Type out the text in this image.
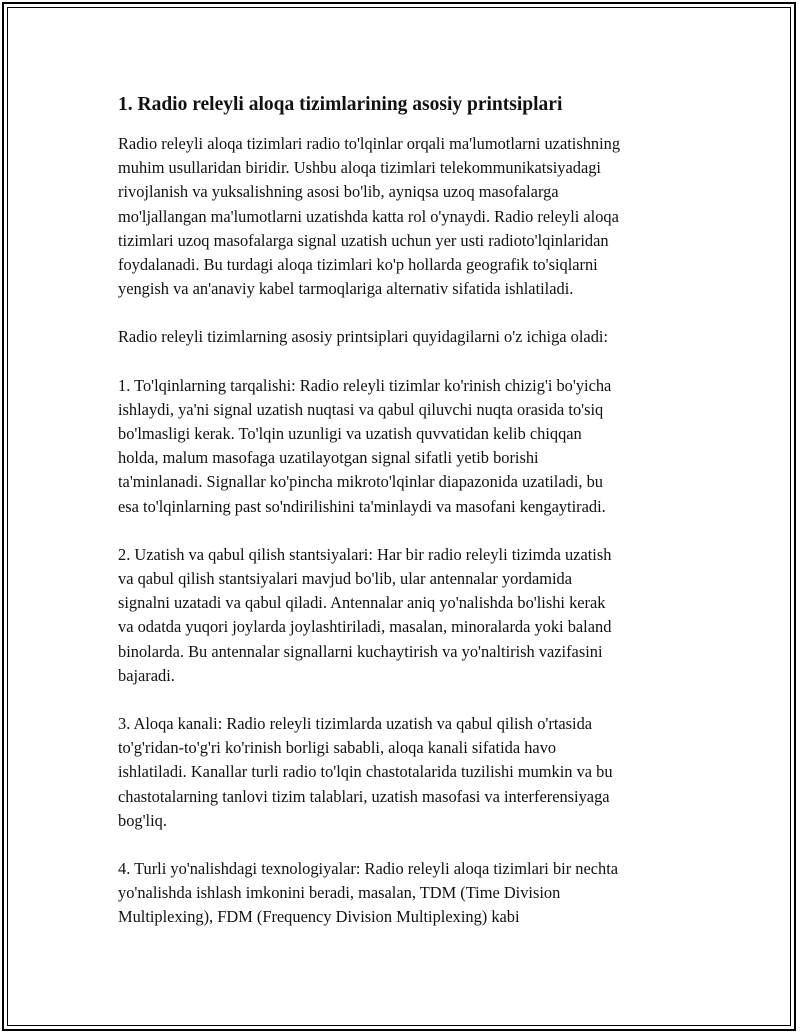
1. Radio releyli aloqa tizimlarining asosiy printsiplari

Radio releyli aloqa tizimlari radio to'lqinlar orqali ma'lumotlarni uzatishning
muhim usullaridan biridir. Ushbu aloqa tizimlari telekommunikatsiyadagi
rivojlanish va yuksalishning asosi bo'lib, ayniqsa uzoq masofalarga
mo'ljallangan ma'lumotlarni uzatishda katta rol o'ynaydi. Radio releyli aloqa
tizimlari uzoq masofalarga signal uzatish uchun yer usti radioto'lqinlaridan
foydalanadi. Bu turdagi aloqa tizimlari ko'p hollarda geografik to'siqlarni
yengish va an'anaviy kabel tarmoqlariga alternativ sifatida ishlatiladi.

Radio releyli tizimlarning asosiy printsiplari quyidagilarni o'z ichiga oladi:

1. To'lqinlarning tarqalishi: Radio releyli tizimlar ko'rinish chizig'i bo'yicha
ishlaydi, ya'ni signal uzatish nuqtasi va qabul qiluvchi nuqta orasida to'siq
bo'lmasligi kerak. To'lqin uzunligi va uzatish quvvatidan kelib chiqqan
holda, malum masofaga uzatilayotgan signal sifatli yetib borishi
ta'minlanadi. Signallar ko'pincha mikroto'lqinlar diapazonida uzatiladi, bu
esa to'lqinlarning past so'ndirilishini ta'minlaydi va masofani kengaytiradi.

2. Uzatish va qabul qilish stantsiyalari: Har bir radio releyli tizimda uzatish
va qabul qilish stantsiyalari mavjud bo'lib, ular antennalar yordamida
signalni uzatadi va qabul qiladi. Antennalar aniq yo'nalishda bo'lishi kerak
va odatda yuqori joylarda joylashtiriladi, masalan, minoralarda yoki baland
binolarda. Bu antennalar signallarni kuchaytirish va yo'naltirish vazifasini
bajaradi.

3. Aloqa kanali: Radio releyli tizimlarda uzatish va qabul qilish o'rtasida
to'g'ridan-to'g'ri ko'rinish borligi sababli, aloqa kanali sifatida havo
ishlatiladi. Kanallar turli radio to'lqin chastotalarida tuzilishi mumkin va bu
chastotalarning tanlovi tizim talablari, uzatish masofasi va interferensiyaga
bog'liq.

4. Turli yo'nalishdagi texnologiyalar: Radio releyli aloqa tizimlari bir nechta
yo'nalishda ishlash imkonini beradi, masalan, TDM (Time Division
Multiplexing), FDM (Frequency Division Multiplexing) kabi
